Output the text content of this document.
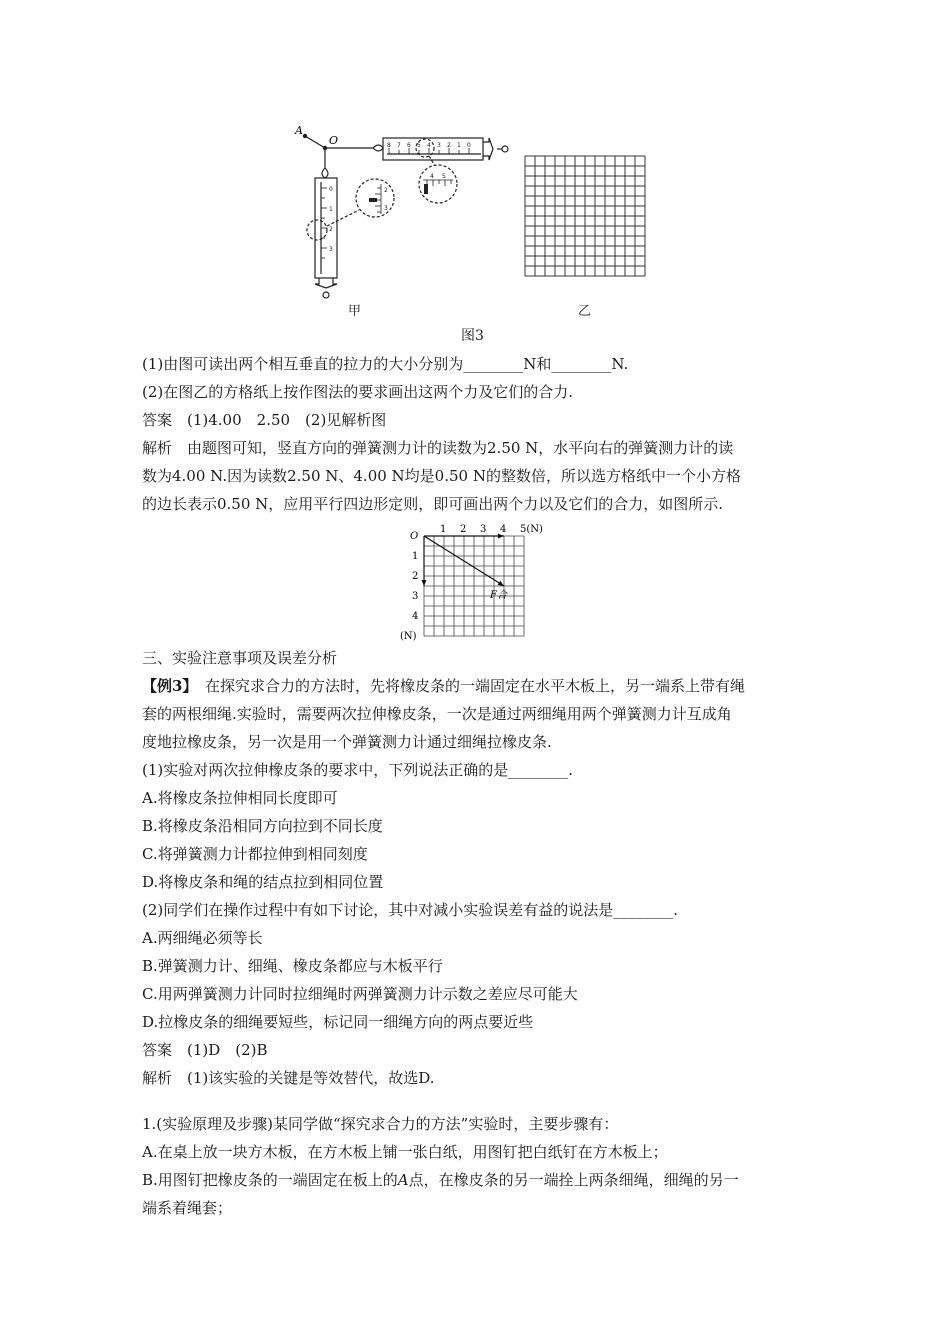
A
O	8 7 6 5 4 3 2 1 0
0
1
2
3
2
3
4 5
甲	乙
图3
(1)由图可读出两个相互垂直的拉力的大小分别为________N和________N.
(2)在图乙的方格纸上按作图法的要求画出这两个力及它们的合力.
答案　(1)4.00　2.50　(2)见解析图
解析　由题图可知，竖直方向的弹簧测力计的读数为2.50 N，水平向右的弹簧测力计的读
数为4.00 N.因为读数2.50 N、4.00 N均是0.50 N的整数倍，所以选方格纸中一个小方格
的边长表示0.50 N，应用平行四边形定则，即可画出两个力以及它们的合力，如图所示.
O
1 2 3 4 5(N)
1
2
3
4
(N)
F合
三、实验注意事项及误差分析
【例3】　在探究求合力的方法时，先将橡皮条的一端固定在水平木板上，另一端系上带有绳
套的两根细绳.实验时，需要两次拉伸橡皮条，一次是通过两细绳用两个弹簧测力计互成角
度地拉橡皮条，另一次是用一个弹簧测力计通过细绳拉橡皮条.
(1)实验对两次拉伸橡皮条的要求中，下列说法正确的是________.
A.将橡皮条拉伸相同长度即可
B.将橡皮条沿相同方向拉到不同长度
C.将弹簧测力计都拉伸到相同刻度
D.将橡皮条和绳的结点拉到相同位置
(2)同学们在操作过程中有如下讨论，其中对减小实验误差有益的说法是________.
A.两细绳必须等长
B.弹簧测力计、细绳、橡皮条都应与木板平行
C.用两弹簧测力计同时拉细绳时两弹簧测力计示数之差应尽可能大
D.拉橡皮条的细绳要短些，标记同一细绳方向的两点要近些
答案　(1)D　(2)B
解析　(1)该实验的关键是等效替代，故选D.
1.(实验原理及步骤)某同学做“探究求合力的方法”实验时，主要步骤有：
A.在桌上放一块方木板，在方木板上铺一张白纸，用图钉把白纸钉在方木板上；
B.用图钉把橡皮条的一端固定在板上的A点，在橡皮条的另一端拴上两条细绳，细绳的另一
端系着绳套；
